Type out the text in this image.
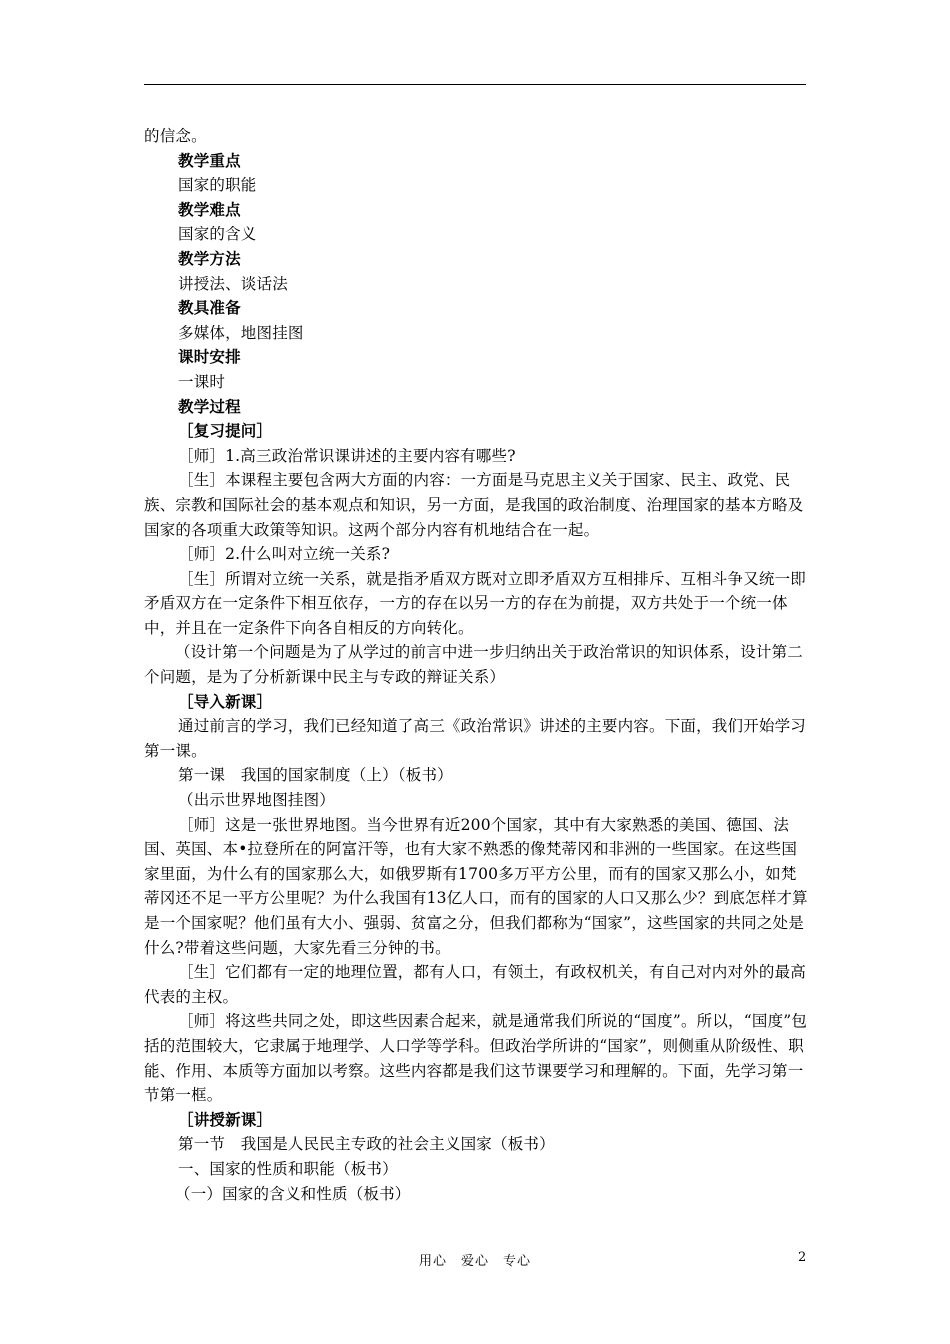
的信念。

教学重点

国家的职能

教学难点

国家的含义

教学方法

讲授法、谈话法

教具准备

多媒体，地图挂图

课时安排

一课时

教学过程

［复习提问］

［师］1.高三政治常识课讲述的主要内容有哪些?

［生］本课程主要包含两大方面的内容：一方面是马克思主义关于国家、民主、政党、民族、宗教和国际社会的基本观点和知识，另一方面，是我国的政治制度、治理国家的基本方略及国家的各项重大政策等知识。这两个部分内容有机地结合在一起。

［师］2.什么叫对立统一关系?

［生］所谓对立统一关系，就是指矛盾双方既对立即矛盾双方互相排斥、互相斗争又统一即矛盾双方在一定条件下相互依存，一方的存在以另一方的存在为前提，双方共处于一个统一体中，并且在一定条件下向各自相反的方向转化。

（设计第一个问题是为了从学过的前言中进一步归纳出关于政治常识的知识体系，设计第二个问题，是为了分析新课中民主与专政的辩证关系）

［导入新课］

通过前言的学习，我们已经知道了高三《政治常识》讲述的主要内容。下面，我们开始学习第一课。

第一课　我国的国家制度（上）（板书）

（出示世界地图挂图）

［师］这是一张世界地图。当今世界有近200个国家，其中有大家熟悉的美国、德国、法国、英国、本•拉登所在的阿富汗等，也有大家不熟悉的像梵蒂冈和非洲的一些国家。在这些国家里面，为什么有的国家那么大，如俄罗斯有1700多万平方公里，而有的国家又那么小，如梵蒂冈还不足一平方公里呢？为什么我国有13亿人口，而有的国家的人口又那么少？到底怎样才算是一个国家呢？他们虽有大小、强弱、贫富之分，但我们都称为“国家”，这些国家的共同之处是什么?带着这些问题，大家先看三分钟的书。

［生］它们都有一定的地理位置，都有人口，有领土，有政权机关，有自己对内对外的最高代表的主权。

［师］将这些共同之处，即这些因素合起来，就是通常我们所说的“国度”。所以，“国度”包括的范围较大，它隶属于地理学、人口学等学科。但政治学所讲的“国家”，则侧重从阶级性、职能、作用、本质等方面加以考察。这些内容都是我们这节课要学习和理解的。下面，先学习第一节第一框。

［讲授新课］

第一节　我国是人民民主专政的社会主义国家（板书）

一、国家的性质和职能（板书）

（一）国家的含义和性质（板书）

用心　爱心　专心	2
